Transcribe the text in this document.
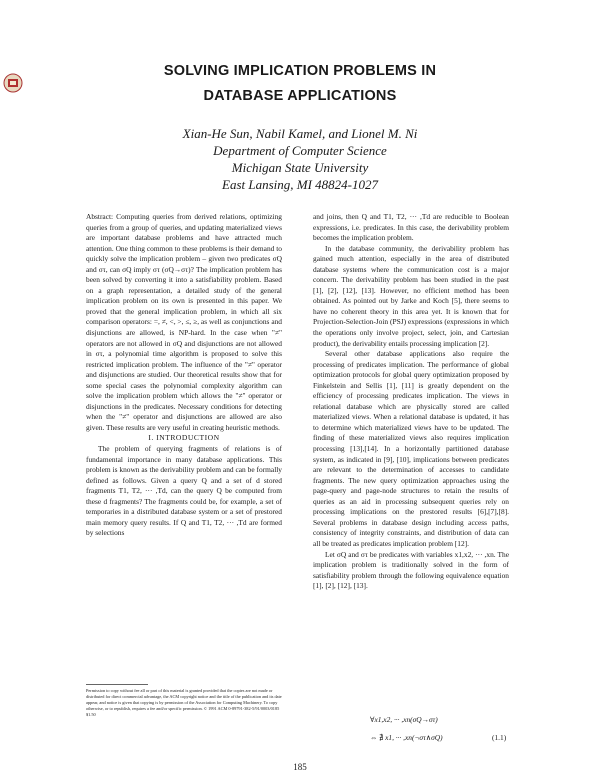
SOLVING IMPLICATION PROBLEMS IN
DATABASE APPLICATIONS
Xian-He Sun, Nabil Kamel, and Lionel M. Ni
Department of Computer Science
Michigan State University
East Lansing, MI 48824-1027

Abstract: Computing queries from derived relations, optimizing queries from a group of queries, and updating materialized views are important database problems and have attracted much attention. One thing common to these problems is their demand to quickly solve the implication problem – given two predicates σQ and στ, can σQ imply στ (σQ→στ)? The implication problem has been solved by converting it into a satisfiability problem. Based on a graph representation, a detailed study of the general implication problem on its own is presented in this paper. We proved that the general implication problem, in which all six comparison operators: =, ≠, <, >, ≤, ≥, as well as conjunctions and disjunctions are allowed, is NP-hard. In the case when "≠" operators are not allowed in σQ and disjunctions are not allowed in στ, a polynomial time algorithm is proposed to solve this restricted implication problem. The influence of the "≠" operator and disjunctions are studied. Our theoretical results show that for some special cases the polynomial complexity algorithm can solve the implication problem which allows the "≠" operator or disjunctions in the predicates. Necessary conditions for detecting when the "≠" operator and disjunctions are allowed are also given. These results are very useful in creating heuristic methods.

I. INTRODUCTION

The problem of querying fragments of relations is of fundamental importance in many database applications. This problem is known as the derivability problem and can be formally defined as follows. Given a query Q and a set of d stored fragments T1, T2, ··· ,Td, can the query Q be computed from these d fragments? The fragments could be, for example, a set of temporaries in a distributed database system or a set of prestored main memory query results. If Q and T1, T2, ··· ,Td are formed by selections

and joins, then Q and T1, T2, ··· ,Td are reducible to Boolean expressions, i.e. predicates. In this case, the derivability problem becomes the implication problem.

In the database community, the derivability problem has gained much attention, especially in the area of distributed database systems where the communication cost is a major concern. The derivability problem has been studied in the past [1], [2], [12], [13]. However, no efficient method has been obtained. As pointed out by Jarke and Koch [5], there seems to have no coherent theory in this area yet. It is known that for Projection-Selection-Join (PSJ) expressions (expressions in which the operations only involve project, select, join, and Cartesian product), the derivability entails processing implication [2].

Several other database applications also require the processing of predicates implication. The performance of global optimization protocols for global query optimization proposed by Finkelstein and Sellis [1], [11] is greatly dependent on the efficiency of processing predicates implication. The views in relational database which are physically stored are called materialized views. When a relational database is updated, it has to determine which materialized views have to be updated. The finding of these materialized views also requires implication processing [13],[14]. In a horizontally partitioned database system, as indicated in [9], [10], implications between predicates are relevant to the determination of accesses to candidate fragments. The new query optimization approaches using the page-query and page-node structures to retain the results of queries as an aid in processing subsequent queries rely on processing implications on the prestored results [6],[7],[8]. Several problems in database design including access paths, consistency of integrity constraints, and distribution of data can all be treated as predicates implication problem [12].

Let σQ and στ be predicates with variables x1,x2, ··· ,xn. The implication problem is traditionally solved in the form of satisfiability problem through the following equivalence equation [1], [2], [12], [13].

∀x1,x2, ··· ,xn(σQ→στ)
⇔ ∄ x1, ··· ,xn(¬στ∧σQ)	(1.1)
Permission to copy without fee all or part of this material is granted provided that the copies are not made or distributed for direct commercial advantage, the ACM copyright notice and the title of the publication and its date appear, and notice is given that copying is by permission of the Association for Computing Machinery. To copy otherwise, or to republish, requires a fee and/or specific permission. © 1991 ACM 0-89791-382-5/91/0003/0185 $1.50
185
